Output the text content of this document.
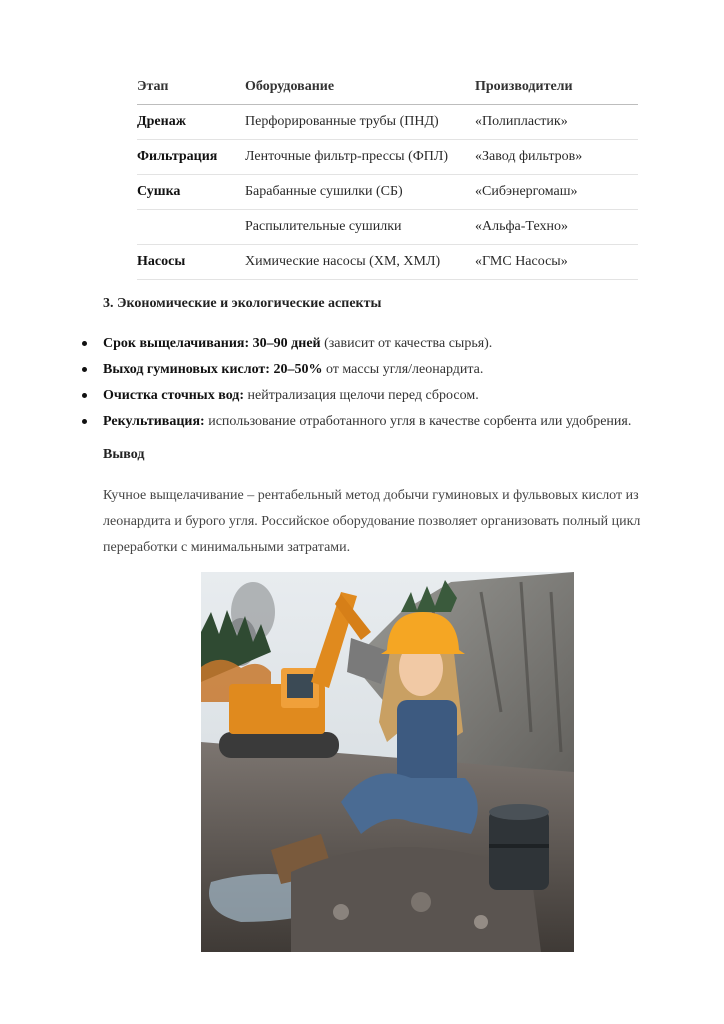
Этап	Оборудование	Производители
Дренаж	Перфорированные трубы (ПНД)	«Полипластик»
Фильтрация	Ленточные фильтр-прессы (ФПЛ)	«Завод фильтров»
Сушка	Барабанные сушилки (СБ)	«Сибэнергомаш»
	Распылительные сушилки	«Альфа-Техно»
Насосы	Химические насосы (ХМ, ХМЛ)	«ГМС Насосы»
3. Экономические и экологические аспекты
Срок выщелачивания: 30–90 дней (зависит от качества сырья).
Выход гуминовых кислот: 20–50% от массы угля/леонардита.
Очистка сточных вод: нейтрализация щелочи перед сбросом.
Рекультивация: использование отработанного угля в качестве сорбента или удобрения.
Вывод

Кучное выщелачивание – рентабельный метод добычи гуминовых и фульвовых кислот из леонардита и бурого угля. Российское оборудование позволяет организовать полный цикл переработки с минимальными затратами.
